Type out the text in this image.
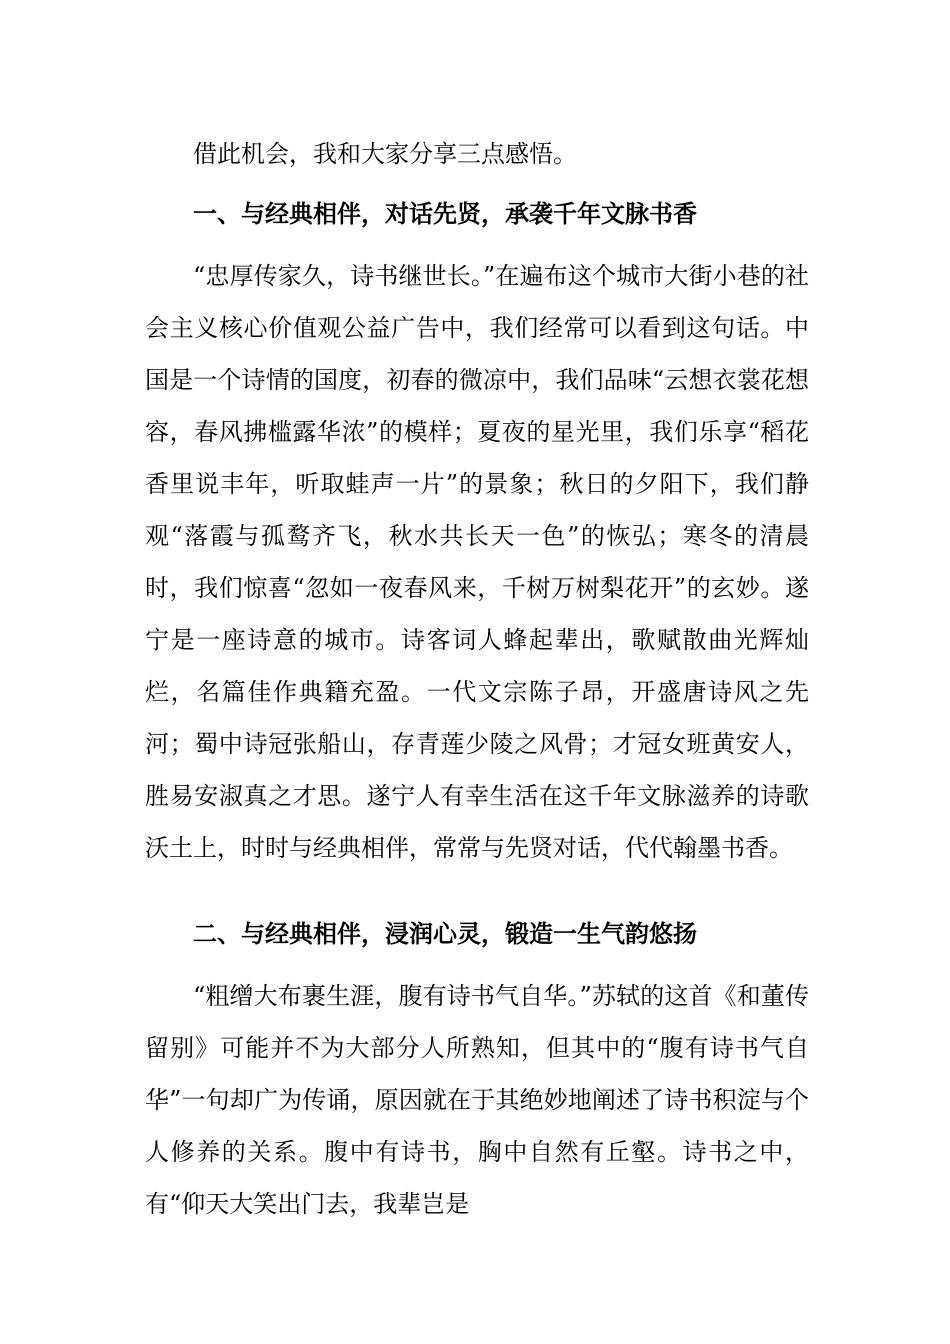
借此机会，我和大家分享三点感悟。

一、与经典相伴，对话先贤，承袭千年文脉书香

“忠厚传家久，诗书继世长。”在遍布这个城市大街小巷的社会主义核心价值观公益广告中，我们经常可以看到这句话。中国是一个诗情的国度，初春的微凉中，我们品味“云想衣裳花想容，春风拂槛露华浓”的模样；夏夜的星光里，我们乐享“稻花香里说丰年，听取蛙声一片”的景象；秋日的夕阳下，我们静观“落霞与孤鹜齐飞，秋水共长天一色”的恢弘；寒冬的清晨时，我们惊喜“忽如一夜春风来，千树万树梨花开”的玄妙。遂宁是一座诗意的城市。诗客词人蜂起辈出，歌赋散曲光辉灿烂，名篇佳作典籍充盈。一代文宗陈子昂，开盛唐诗风之先河；蜀中诗冠张船山，存青莲少陵之风骨；才冠女班黄安人，胜易安淑真之才思。遂宁人有幸生活在这千年文脉滋养的诗歌沃土上，时时与经典相伴，常常与先贤对话，代代翰墨书香。

二、与经典相伴，浸润心灵，锻造一生气韵悠扬

“粗缯大布裹生涯，腹有诗书气自华。”苏轼的这首《和董传留别》可能并不为大部分人所熟知，但其中的“腹有诗书气自华”一句却广为传诵，原因就在于其绝妙地阐述了诗书积淀与个人修养的关系。腹中有诗书，胸中自然有丘壑。诗书之中，有“仰天大笑出门去，我辈岂是
